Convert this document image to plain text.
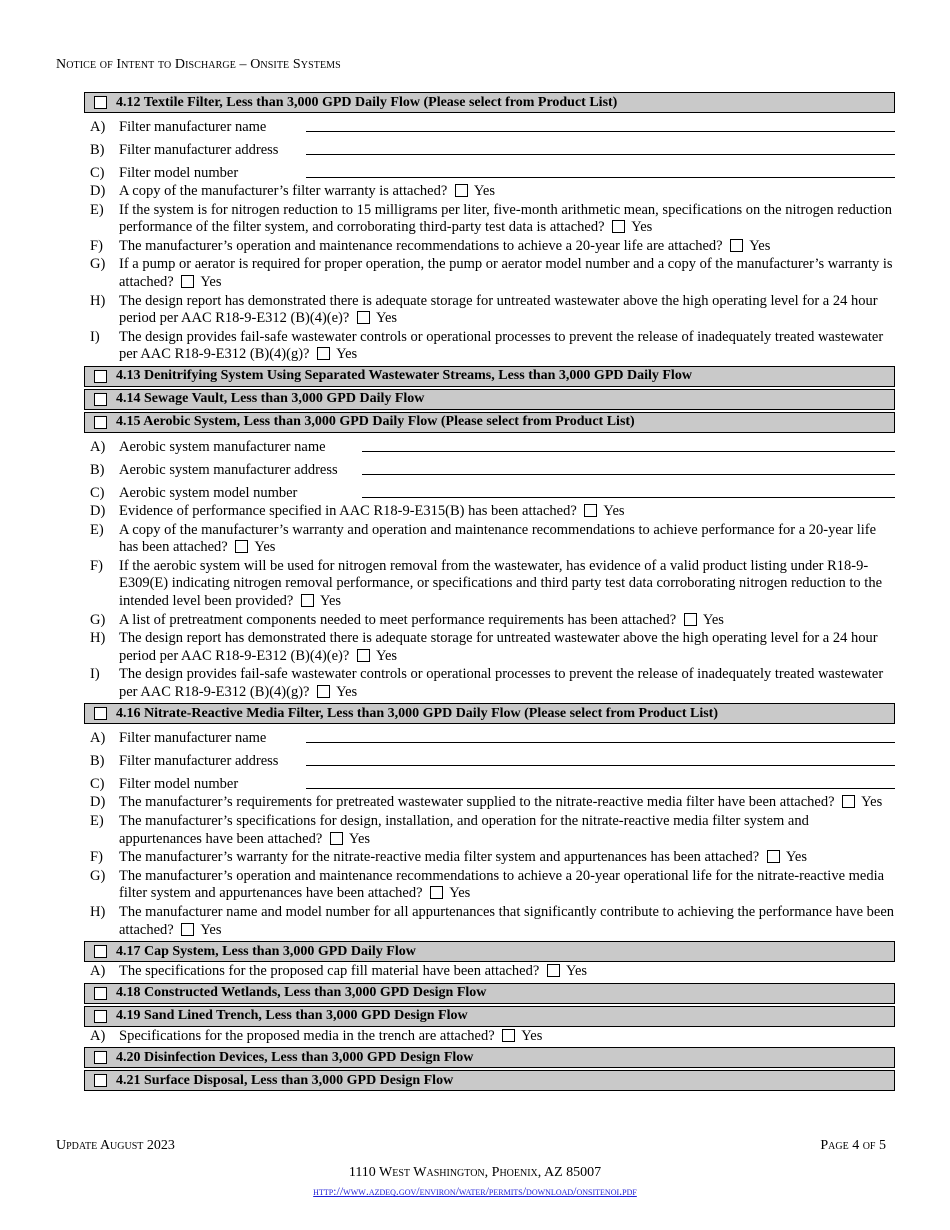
Notice of Intent to Discharge – Onsite Systems
4.12 Textile Filter, Less than 3,000 GPD Daily Flow (Please select from Product List)
A) Filter manufacturer name
B)	Filter manufacturer address
C)	Filter model number
D) A copy of the manufacturer’s filter warranty is attached? Yes
E)	If the system is for nitrogen reduction to 15 milligrams per liter, five-month arithmetic mean, specifications on the nitrogen reduction performance of the filter system, and corroborating third-party test data is attached? Yes
F)	The manufacturer’s operation and maintenance recommendations to achieve a 20-year life are attached? Yes
G) If a pump or aerator is required for proper operation, the pump or aerator model number and a copy of the manufacturer’s warranty is attached? Yes
H) The design report has demonstrated there is adequate storage for untreated wastewater above the high operating level for a 24 hour period per AAC R18-9-E312 (B)(4)(e)? Yes
I)	The design provides fail-safe wastewater controls or operational processes to prevent the release of inadequately treated wastewater per AAC R18-9-E312 (B)(4)(g)? Yes
4.13 Denitrifying System Using Separated Wastewater Streams, Less than 3,000 GPD Daily Flow
4.14 Sewage Vault, Less than 3,000 GPD Daily Flow
4.15 Aerobic System, Less than 3,000 GPD Daily Flow (Please select from Product List)
A) Aerobic system manufacturer name
B)	Aerobic system manufacturer address
C)	Aerobic system model number
D) Evidence of performance specified in AAC R18-9-E315(B) has been attached? Yes
E)	A copy of the manufacturer’s warranty and operation and maintenance recommendations to achieve performance for a 20-year life has been attached? Yes
F)	If the aerobic system will be used for nitrogen removal from the wastewater, has evidence of a valid product listing under R18-9-E309(E) indicating nitrogen removal performance, or specifications and third party test data corroborating nitrogen reduction to the intended level been provided? Yes
G) A list of pretreatment components needed to meet performance requirements has been attached? Yes
H) The design report has demonstrated there is adequate storage for untreated wastewater above the high operating level for a 24 hour period per AAC R18-9-E312 (B)(4)(e)? Yes
I)	The design provides fail-safe wastewater controls or operational processes to prevent the release of inadequately treated wastewater per AAC R18-9-E312 (B)(4)(g)? Yes
4.16 Nitrate-Reactive Media Filter, Less than 3,000 GPD Daily Flow (Please select from Product List)
A) Filter manufacturer name
B)	Filter manufacturer address
C)	Filter model number
D) The manufacturer’s requirements for pretreated wastewater supplied to the nitrate-reactive media filter have been attached? Yes
E)	The manufacturer’s specifications for design, installation, and operation for the nitrate-reactive media filter system and appurtenances have been attached? Yes
F)	The manufacturer’s warranty for the nitrate-reactive media filter system and appurtenances has been attached? Yes
G) The manufacturer’s operation and maintenance recommendations to achieve a 20-year operational life for the nitrate-reactive media filter system and appurtenances have been attached? Yes
H) The manufacturer name and model number for all appurtenances that significantly contribute to achieving the performance have been attached? Yes
4.17 Cap System, Less than 3,000 GPD Daily Flow
A) The specifications for the proposed cap fill material have been attached? Yes
4.18 Constructed Wetlands, Less than 3,000 GPD Design Flow
4.19 Sand Lined Trench, Less than 3,000 GPD Design Flow
A) Specifications for the proposed media in the trench are attached? Yes
4.20 Disinfection Devices, Less than 3,000 GPD Design Flow
4.21 Surface Disposal, Less than 3,000 GPD Design Flow
Update August 2023	Page 4 of 5
1110 West Washington, Phoenix, AZ 85007
http://www.azdeq.gov/environ/water/permits/download/onsitenoi.pdf
